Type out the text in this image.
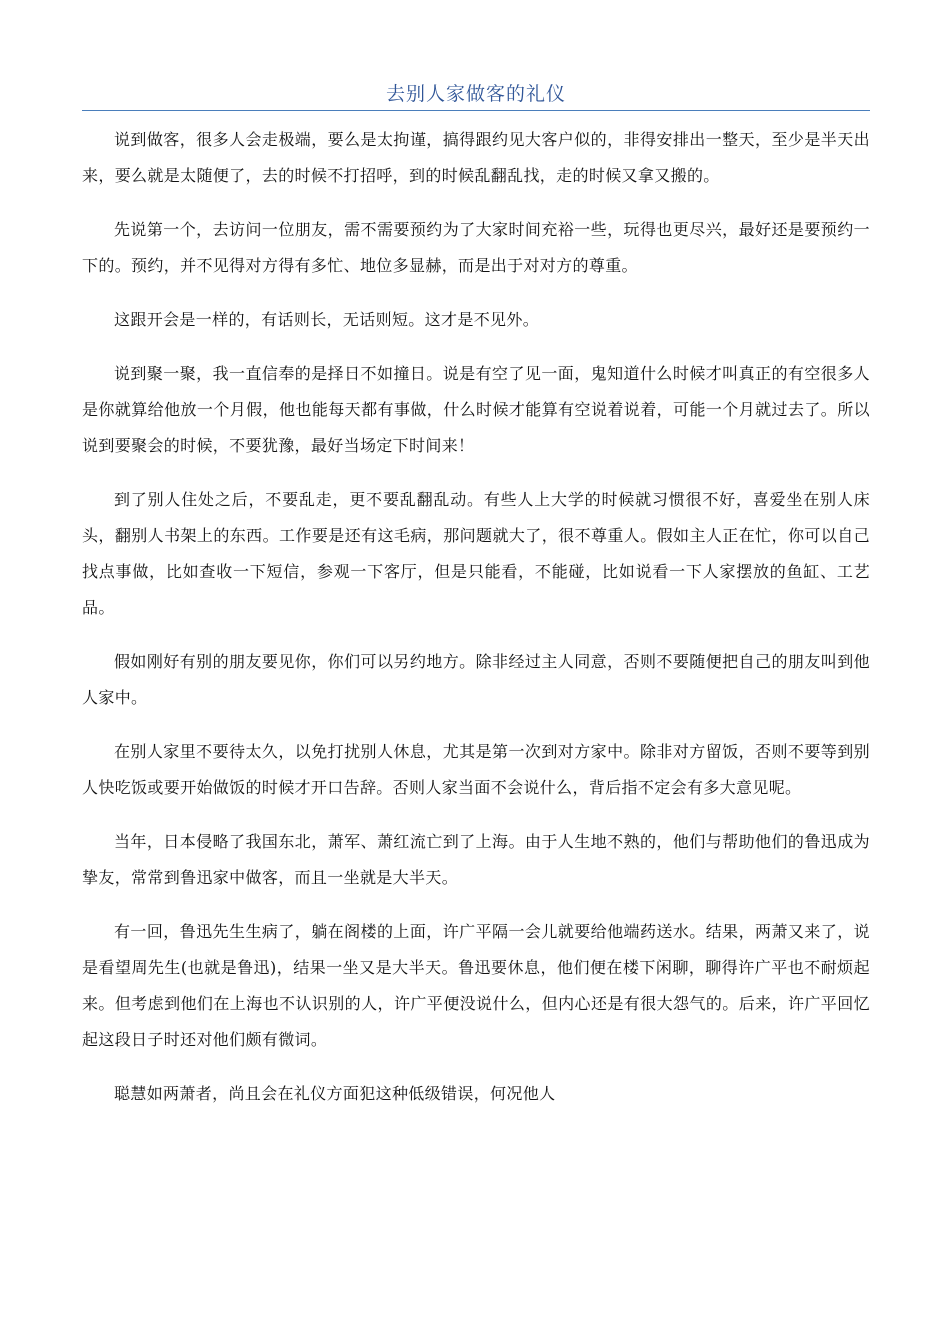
去别人家做客的礼仪

说到做客，很多人会走极端，要么是太拘谨，搞得跟约见大客户似的，非得安排出一整天，至少是半天出来，要么就是太随便了，去的时候不打招呼，到的时候乱翻乱找，走的时候又拿又搬的。

先说第一个，去访问一位朋友，需不需要预约为了大家时间充裕一些，玩得也更尽兴，最好还是要预约一下的。预约，并不见得对方得有多忙、地位多显赫，而是出于对对方的尊重。

这跟开会是一样的，有话则长，无话则短。这才是不见外。

说到聚一聚，我一直信奉的是择日不如撞日。说是有空了见一面，鬼知道什么时候才叫真正的有空很多人是你就算给他放一个月假，他也能每天都有事做，什么时候才能算有空说着说着，可能一个月就过去了。所以说到要聚会的时候，不要犹豫，最好当场定下时间来！

到了别人住处之后，不要乱走，更不要乱翻乱动。有些人上大学的时候就习惯很不好，喜爱坐在别人床头，翻别人书架上的东西。工作要是还有这毛病，那问题就大了，很不尊重人。假如主人正在忙，你可以自己找点事做，比如查收一下短信，参观一下客厅，但是只能看，不能碰，比如说看一下人家摆放的鱼缸、工艺品。

假如刚好有别的朋友要见你，你们可以另约地方。除非经过主人同意，否则不要随便把自己的朋友叫到他人家中。

在别人家里不要待太久，以免打扰别人休息，尤其是第一次到对方家中。除非对方留饭，否则不要等到别人快吃饭或要开始做饭的时候才开口告辞。否则人家当面不会说什么，背后指不定会有多大意见呢。

当年，日本侵略了我国东北，萧军、萧红流亡到了上海。由于人生地不熟的，他们与帮助他们的鲁迅成为挚友，常常到鲁迅家中做客，而且一坐就是大半天。

有一回，鲁迅先生生病了，躺在阁楼的上面，许广平隔一会儿就要给他端药送水。结果，两萧又来了，说是看望周先生(也就是鲁迅)，结果一坐又是大半天。鲁迅要休息，他们便在楼下闲聊，聊得许广平也不耐烦起来。但考虑到他们在上海也不认识别的人，许广平便没说什么，但内心还是有很大怨气的。后来，许广平回忆起这段日子时还对他们颇有微词。

聪慧如两萧者，尚且会在礼仪方面犯这种低级错误，何况他人
